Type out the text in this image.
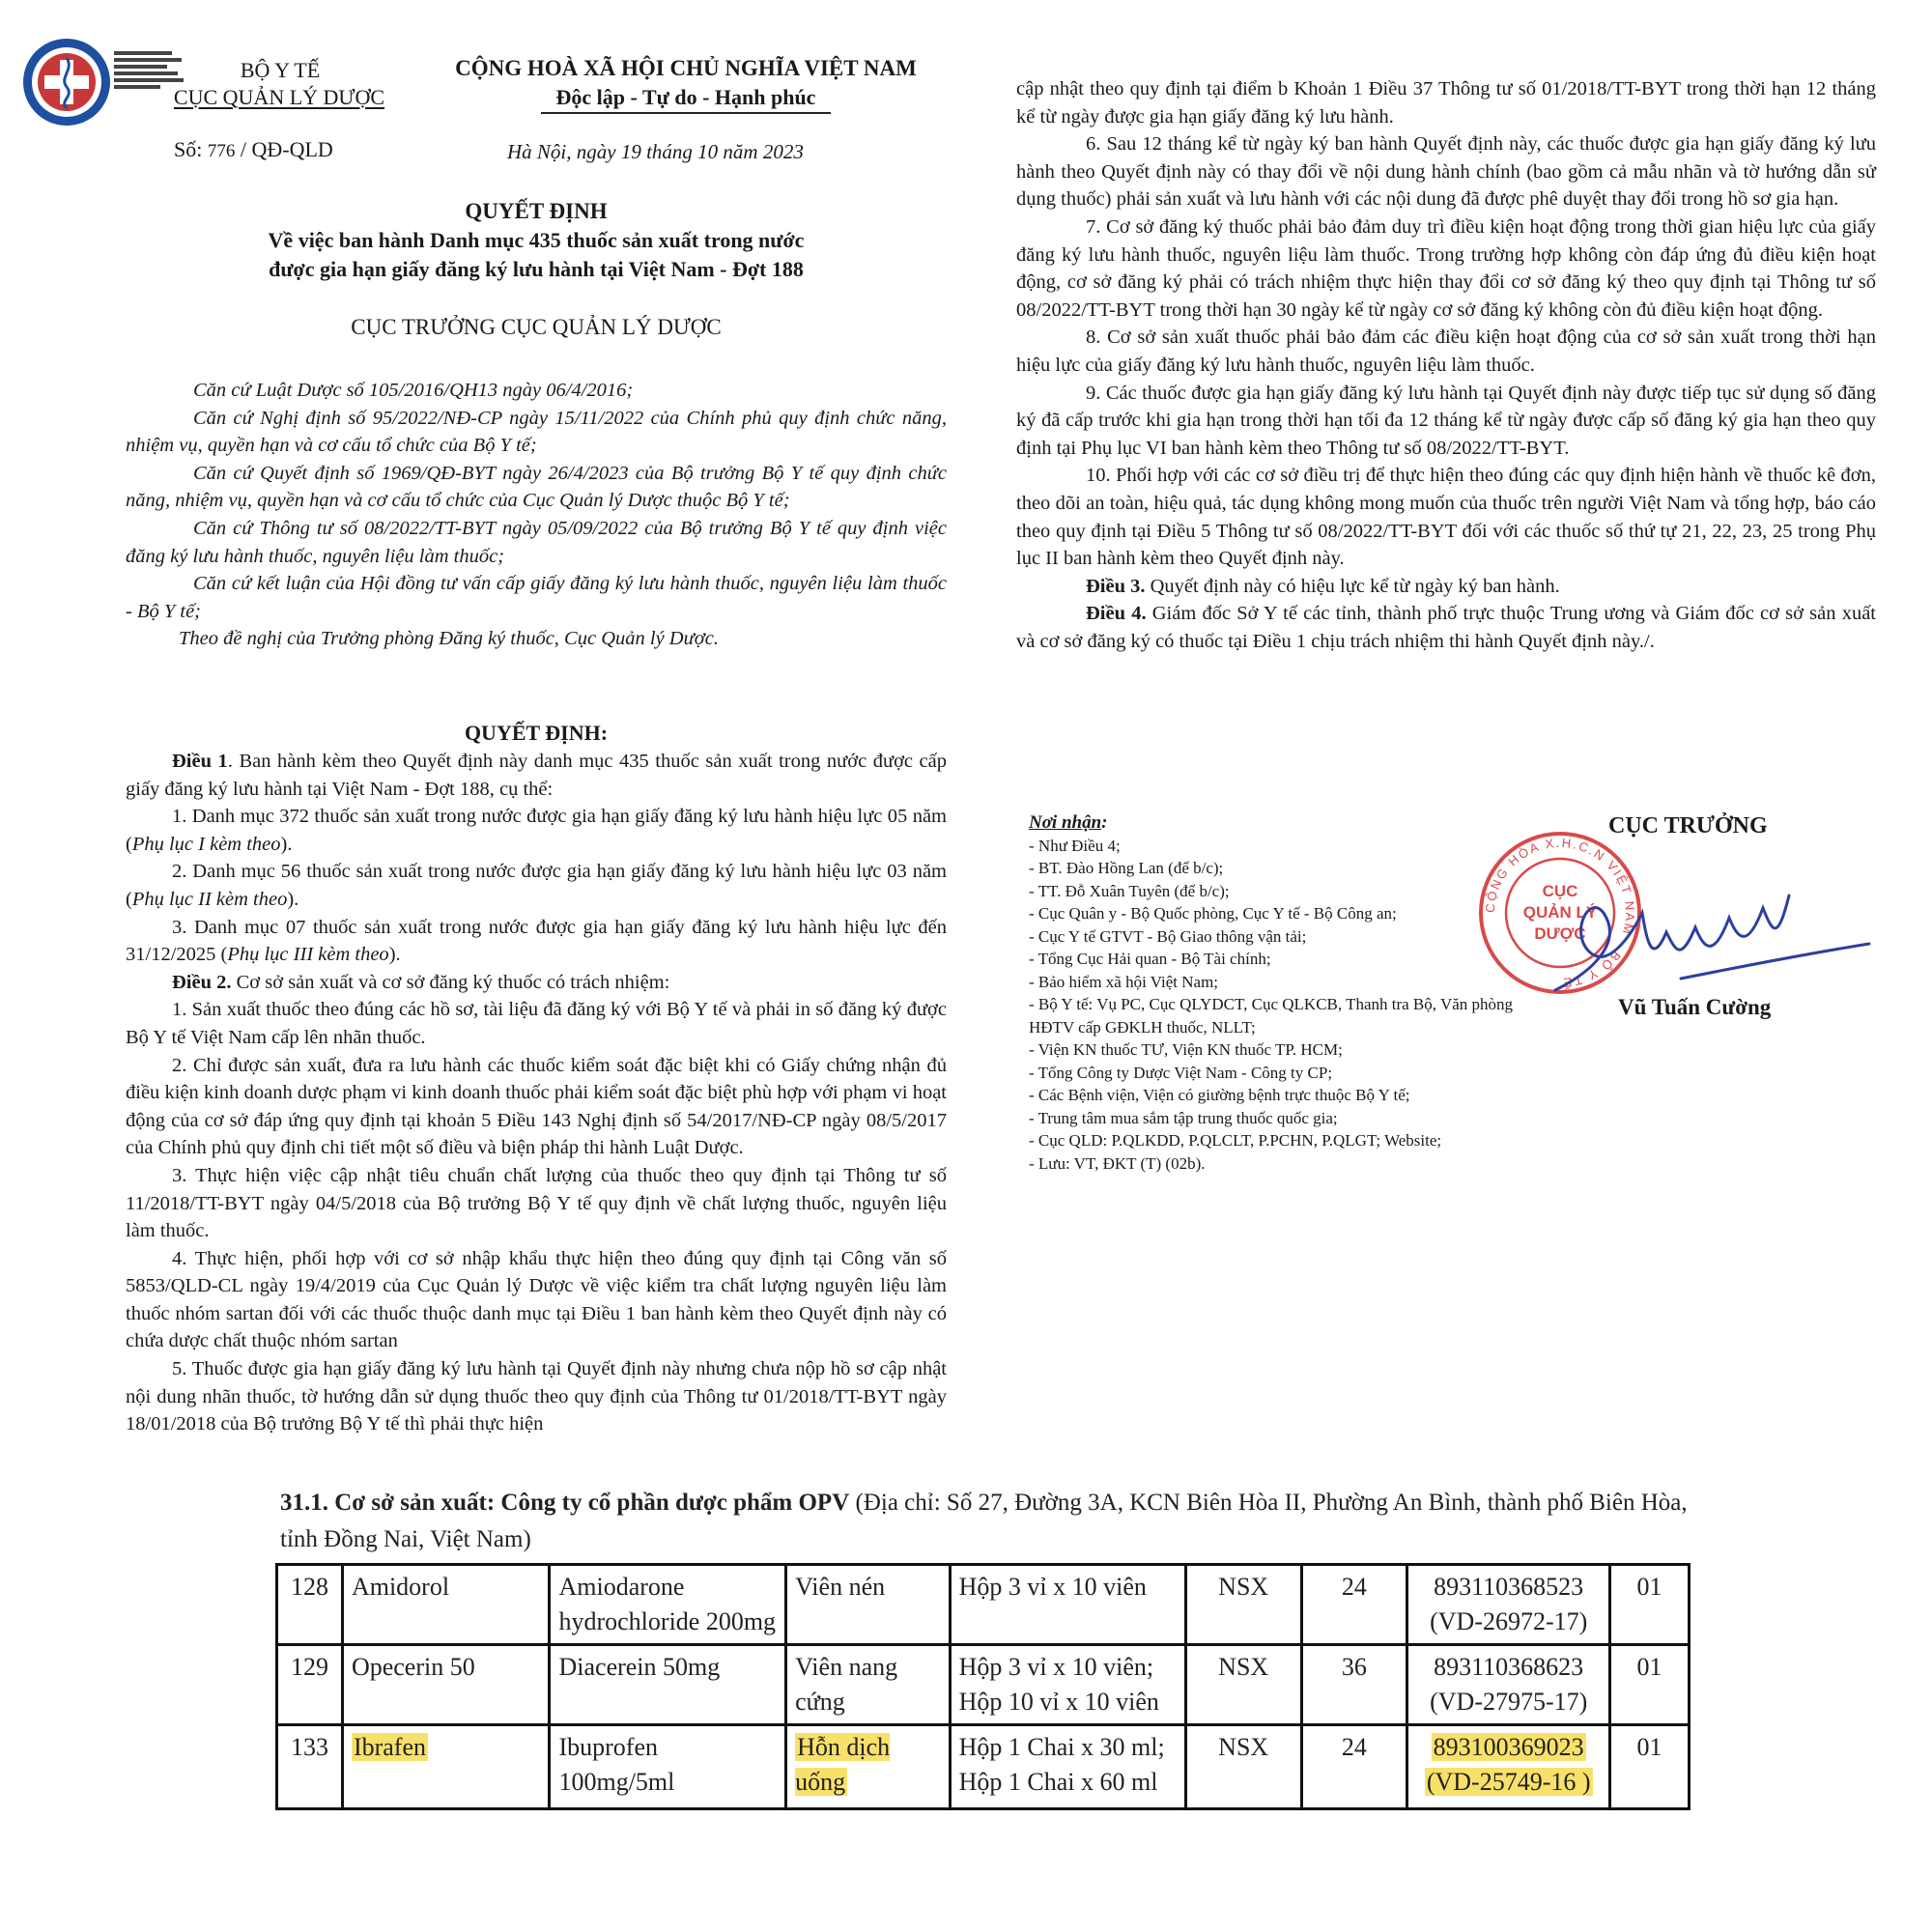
BỘ Y TẾ
CỤC QUẢN LÝ DƯỢC
CỘNG HOÀ XÃ HỘI CHỦ NGHĨA VIỆT NAM
Độc lập - Tự do - Hạnh phúc
Số: 776 / QĐ-QLD	Hà Nội, ngày 19 tháng 10 năm 2023
QUYẾT ĐỊNH
Về việc ban hành Danh mục 435 thuốc sản xuất trong nước
được gia hạn giấy đăng ký lưu hành tại Việt Nam - Đợt 188
CỤC TRƯỞNG CỤC QUẢN LÝ DƯỢC

Căn cứ Luật Dược số 105/2016/QH13 ngày 06/4/2016;

Căn cứ Nghị định số 95/2022/NĐ-CP ngày 15/11/2022 của Chính phủ quy định chức năng, nhiệm vụ, quyền hạn và cơ cấu tổ chức của Bộ Y tế;

Căn cứ Quyết định số 1969/QĐ-BYT ngày 26/4/2023 của Bộ trưởng Bộ Y tế quy định chức năng, nhiệm vụ, quyền hạn và cơ cấu tổ chức của Cục Quản lý Dược thuộc Bộ Y tế;

Căn cứ Thông tư số 08/2022/TT-BYT ngày 05/09/2022 của Bộ trưởng Bộ Y tế quy định việc đăng ký lưu hành thuốc, nguyên liệu làm thuốc;

Căn cứ kết luận của Hội đồng tư vấn cấp giấy đăng ký lưu hành thuốc, nguyên liệu làm thuốc - Bộ Y tế;

Theo đề nghị của Trưởng phòng Đăng ký thuốc, Cục Quản lý Dược.

QUYẾT ĐỊNH:

Điều 1. Ban hành kèm theo Quyết định này danh mục 435 thuốc sản xuất trong nước được cấp giấy đăng ký lưu hành tại Việt Nam - Đợt 188, cụ thể:

1. Danh mục 372 thuốc sản xuất trong nước được gia hạn giấy đăng ký lưu hành hiệu lực 05 năm (Phụ lục I kèm theo).

2. Danh mục 56 thuốc sản xuất trong nước được gia hạn giấy đăng ký lưu hành hiệu lực 03 năm (Phụ lục II kèm theo).

3. Danh mục 07 thuốc sản xuất trong nước được gia hạn giấy đăng ký lưu hành hiệu lực đến 31/12/2025 (Phụ lục III kèm theo).

Điều 2. Cơ sở sản xuất và cơ sở đăng ký thuốc có trách nhiệm:

1. Sản xuất thuốc theo đúng các hồ sơ, tài liệu đã đăng ký với Bộ Y tế và phải in số đăng ký được Bộ Y tế Việt Nam cấp lên nhãn thuốc.

2. Chỉ được sản xuất, đưa ra lưu hành các thuốc kiểm soát đặc biệt khi có Giấy chứng nhận đủ điều kiện kinh doanh dược phạm vi kinh doanh thuốc phải kiểm soát đặc biệt phù hợp với phạm vi hoạt động của cơ sở đáp ứng quy định tại khoản 5 Điều 143 Nghị định số 54/2017/NĐ-CP ngày 08/5/2017 của Chính phủ quy định chi tiết một số điều và biện pháp thi hành Luật Dược.

3. Thực hiện việc cập nhật tiêu chuẩn chất lượng của thuốc theo quy định tại Thông tư số 11/2018/TT-BYT ngày 04/5/2018 của Bộ trưởng Bộ Y tế quy định về chất lượng thuốc, nguyên liệu làm thuốc.

4. Thực hiện, phối hợp với cơ sở nhập khẩu thực hiện theo đúng quy định tại Công văn số 5853/QLD-CL ngày 19/4/2019 của Cục Quản lý Dược về việc kiểm tra chất lượng nguyên liệu làm thuốc nhóm sartan đối với các thuốc thuộc danh mục tại Điều 1 ban hành kèm theo Quyết định này có chứa dược chất thuộc nhóm sartan

5. Thuốc được gia hạn giấy đăng ký lưu hành tại Quyết định này nhưng chưa nộp hồ sơ cập nhật nội dung nhãn thuốc, tờ hướng dẫn sử dụng thuốc theo quy định của Thông tư 01/2018/TT-BYT ngày 18/01/2018 của Bộ trưởng Bộ Y tế thì phải thực hiện

cập nhật theo quy định tại điểm b Khoản 1 Điều 37 Thông tư số 01/2018/TT-BYT trong thời hạn 12 tháng kể từ ngày được gia hạn giấy đăng ký lưu hành.

6. Sau 12 tháng kể từ ngày ký ban hành Quyết định này, các thuốc được gia hạn giấy đăng ký lưu hành theo Quyết định này có thay đổi về nội dung hành chính (bao gồm cả mẫu nhãn và tờ hướng dẫn sử dụng thuốc) phải sản xuất và lưu hành với các nội dung đã được phê duyệt thay đổi trong hồ sơ gia hạn.

7. Cơ sở đăng ký thuốc phải bảo đảm duy trì điều kiện hoạt động trong thời gian hiệu lực của giấy đăng ký lưu hành thuốc, nguyên liệu làm thuốc. Trong trường hợp không còn đáp ứng đủ điều kiện hoạt động, cơ sở đăng ký phải có trách nhiệm thực hiện thay đổi cơ sở đăng ký theo quy định tại Thông tư số 08/2022/TT-BYT trong thời hạn 30 ngày kể từ ngày cơ sở đăng ký không còn đủ điều kiện hoạt động.

8. Cơ sở sản xuất thuốc phải bảo đảm các điều kiện hoạt động của cơ sở sản xuất trong thời hạn hiệu lực của giấy đăng ký lưu hành thuốc, nguyên liệu làm thuốc.

9. Các thuốc được gia hạn giấy đăng ký lưu hành tại Quyết định này được tiếp tục sử dụng số đăng ký đã cấp trước khi gia hạn trong thời hạn tối đa 12 tháng kể từ ngày được cấp số đăng ký gia hạn theo quy định tại Phụ lục VI ban hành kèm theo Thông tư số 08/2022/TT-BYT.

10. Phối hợp với các cơ sở điều trị để thực hiện theo đúng các quy định hiện hành về thuốc kê đơn, theo dõi an toàn, hiệu quả, tác dụng không mong muốn của thuốc trên người Việt Nam và tổng hợp, báo cáo theo quy định tại Điều 5 Thông tư số 08/2022/TT-BYT đối với các thuốc số thứ tự 21, 22, 23, 25 trong Phụ lục II ban hành kèm theo Quyết định này.

Điều 3. Quyết định này có hiệu lực kể từ ngày ký ban hành.

Điều 4. Giám đốc Sở Y tế các tỉnh, thành phố trực thuộc Trung ương và Giám đốc cơ sở sản xuất và cơ sở đăng ký có thuốc tại Điều 1 chịu trách nhiệm thi hành Quyết định này./.

Nơi nhận:
- Như Điều 4;
- BT. Đào Hồng Lan (để b/c);
- TT. Đỗ Xuân Tuyên (để b/c);
- Cục Quân y - Bộ Quốc phòng, Cục Y tế - Bộ Công an;
- Cục Y tế GTVT - Bộ Giao thông vận tải;
- Tổng Cục Hải quan - Bộ Tài chính;
- Bảo hiểm xã hội Việt Nam;
- Bộ Y tế: Vụ PC, Cục QLYDCT, Cục QLKCB, Thanh tra Bộ, Văn phòng HĐTV cấp GĐKLH thuốc, NLLT;
- Viện KN thuốc TƯ, Viện KN thuốc TP. HCM;
- Tổng Công ty Dược Việt Nam - Công ty CP;
- Các Bệnh viện, Viện có giường bệnh trực thuộc Bộ Y tế;
- Trung tâm mua sắm tập trung thuốc quốc gia;
- Cục QLD: P.QLKDD, P.QLCLT, P.PCHN, P.QLGT; Website;
- Lưu: VT, ĐKT (T) (02b).
CỤC TRƯỞNG
CỘNG HÒA X.H.C.N VIỆT NAM · BỘ Y TẾ
CỤC
QUẢN LÝ
DƯỢC
Vũ Tuấn Cường
31.1. Cơ sở sản xuất: Công ty cổ phần dược phẩm OPV (Địa chỉ: Số 27, Đường 3A, KCN Biên Hòa II, Phường An Bình, thành phố Biên Hòa, tỉnh Đồng Nai, Việt Nam)
128	Amidorol	Amiodarone hydrochloride 200mg	Viên nén	Hộp 3 vỉ x 10 viên	NSX	24	893110368523
(VD-26972-17)	01
129	Opecerin 50	Diacerein 50mg	Viên nang cứng	Hộp 3 vỉ x 10 viên; Hộp 10 vỉ x 10 viên	NSX	36	893110368623
(VD-27975-17)	01
133	Ibrafen	Ibuprofen 100mg/5ml	Hỗn dịch uống	Hộp 1 Chai x 30 ml; Hộp 1 Chai x 60 ml	NSX	24	893100369023
(VD-25749-16 )	01
